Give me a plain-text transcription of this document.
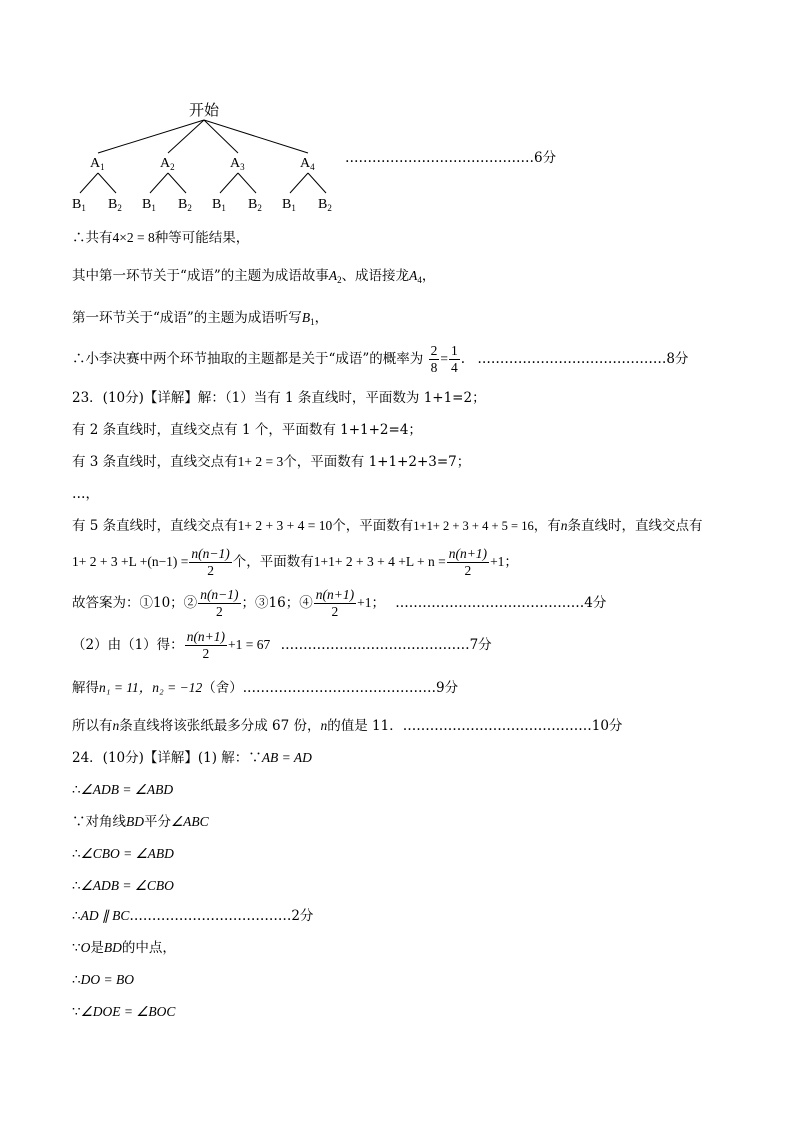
开始
$A_1$	$A_2$	$A_3$	$A_4$
$B_1$ $B_2$ $B_1$ $B_2$ $B_1$ $B_2$ $B_1$ $B_2$
……………………………………6分
∴共有4×2 = 8种等可能结果，
其中第一环节关于“成语”的主题为成语故事$A_2$、成语接龙$A_4$，
第一环节关于“成语”的主题为成语听写$B_1$，
∴小李决赛中两个环节抽取的主题都是关于“成语”的概率为 $\frac{2}{8} = \frac{1}{4}$ . ……………………………………8分
23．(10分)【详解】解：（1）当有 1 条直线时，平面数为 1+1=2；
有 2 条直线时，直线交点有 1 个，平面数有 1+1+2=4；
有 3 条直线时，直线交点有1+ 2 = 3个，平面数有 1+1+2+3=7；
…，
有 5 条直线时，直线交点有1+ 2 + 3 + 4 = 10个，平面数有1+1+ 2 + 3 + 4 + 5 = 16，有n条直线时，直线交点有
$1+ 2 + 3 +L +(n-1) = \frac{n(n-1)}{2}$ 个，平面数有$1+1+ 2 + 3 + 4 +L + n = \frac{n(n+1)}{2} +1$；
故答案为：①10；② $\frac{n(n-1)}{2}$ ；③16；④ $\frac{n(n+1)}{2} +1$； ……………………………………4分
（2）由（1）得： $\frac{n(n+1)}{2} +1 = 67$ ……………………………………7分
解得n₁ = 11，n₂ = −12（舍）.……………………………………9分
所以有n条直线将该张纸最多分成 67 份，n的值是 11．……………………………………10分
24．(10分)【详解】(1) 解：∵AB = AD
∴∠ADB = ∠ABD
∵对角线BD平分∠ABC
∴∠CBO = ∠ABD
∴∠ADB = ∠CBO
∴AD ∥ BC………………………………2分
∵O是BD的中点，
∴DO = BO
∵∠DOE = ∠BOC
